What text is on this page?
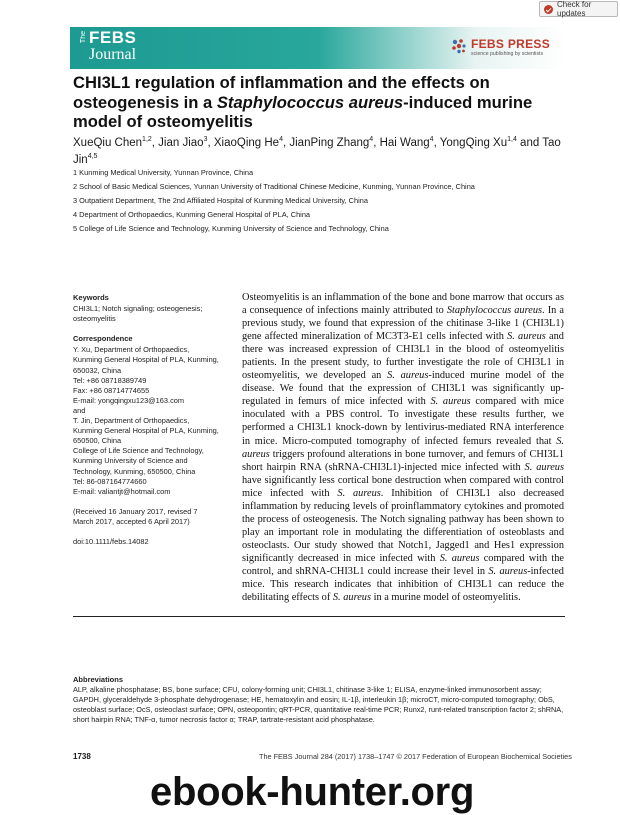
Check for updates
The FEBS
Journal
FEBS PRESS
science publishing by scientists
CHI3L1 regulation of inflammation and the effects on osteogenesis in a Staphylococcus aureus-induced murine model of osteomyelitis
XueQiu Chen$^{1,2}$, Jian Jiao$^3$, XiaoQing He$^4$, JianPing Zhang$^4$, Hai Wang$^4$, YongQing Xu$^{1,4}$ and Tao Jin$^{4,5}$
1 Kunming Medical University, Yunnan Province, China
2 School of Basic Medical Sciences, Yunnan University of Traditional Chinese Medicine, Kunming, Yunnan Province, China
3 Outpatient Department, The 2nd Affiliated Hospital of Kunming Medical University, China
4 Department of Orthopaedics, Kunming General Hospital of PLA, China
5 College of Life Science and Technology, Kunming University of Science and Technology, China
Keywords
CHI3L1; Notch signaling; osteogenesis;
osteomyelitis
Correspondence
Y. Xu, Department of Orthopaedics,
Kunming General Hospital of PLA, Kunming,
650032, China
Tel: +86 08718389749
Fax: +86 08714774655
E-mail: yongqingxu123@163.com
and
T. Jin, Department of Orthopaedics,
Kunming General Hospital of PLA, Kunming,
650500, China
College of Life Science and Technology,
Kunming University of Science and
Technology, Kunming, 650500, China
Tel: 86-087164774660
E-mail: valiantjt@hotmail.com
(Received 16 January 2017, revised 7
March 2017, accepted 6 April 2017)
doi:10.1111/febs.14082
Osteomyelitis is an inflammation of the bone and bone marrow that occurs as a consequence of infections mainly attributed to Staphylococcus aureus. In a previous study, we found that expression of the chitinase 3-like 1 (CHI3L1) gene affected mineralization of MC3T3-E1 cells infected with S. aureus and there was increased expression of CHI3L1 in the blood of osteomyelitis patients. In the present study, to further investigate the role of CHI3L1 in osteomyelitis, we developed an S. aureus-induced murine model of the disease. We found that the expression of CHI3L1 was significantly up-regulated in femurs of mice infected with S. aureus compared with mice inoculated with a PBS control. To investigate these results further, we performed a CHI3L1 knock-down by lentivirus-mediated RNA interference in mice. Micro-computed tomography of infected femurs revealed that S. aureus triggers profound alterations in bone turnover, and femurs of CHI3L1 short hairpin RNA (shRNA-CHI3L1)-injected mice infected with S. aureus have significantly less cortical bone destruction when compared with control mice infected with S. aureus. Inhibition of CHI3L1 also decreased inflammation by reducing levels of proinflammatory cytokines and promoted the process of osteogenesis. The Notch signaling pathway has been shown to play an important role in modulating the differentiation of osteoblasts and osteoclasts. Our study showed that Notch1, Jagged1 and Hes1 expression significantly decreased in mice infected with S. aureus compared with the control, and shRNA-CHI3L1 could increase their level in S. aureus-infected mice. This research indicates that inhibition of CHI3L1 can reduce the debilitating effects of S. aureus in a murine model of osteomyelitis.
Abbreviations
ALP, alkaline phosphatase; BS, bone surface; CFU, colony-forming unit; CHI3L1, chitinase 3-like 1; ELISA, enzyme-linked immunosorbent assay; GAPDH, glyceraldehyde 3-phosphate dehydrogenase; HE, hematoxylin and eosin; IL-1β, interleukin 1β; microCT, micro-computed tomography; ObS, osteoblast surface; OcS, osteoclast surface; OPN, osteopontin; qRT-PCR, quantitative real-time PCR; Runx2, runt-related transcription factor 2; shRNA, short hairpin RNA; TNF-α, tumor necrosis factor α; TRAP, tartrate-resistant acid phosphatase.
1738	The FEBS Journal 284 (2017) 1738–1747 © 2017 Federation of European Biochemical Societies
ebook-hunter.org
